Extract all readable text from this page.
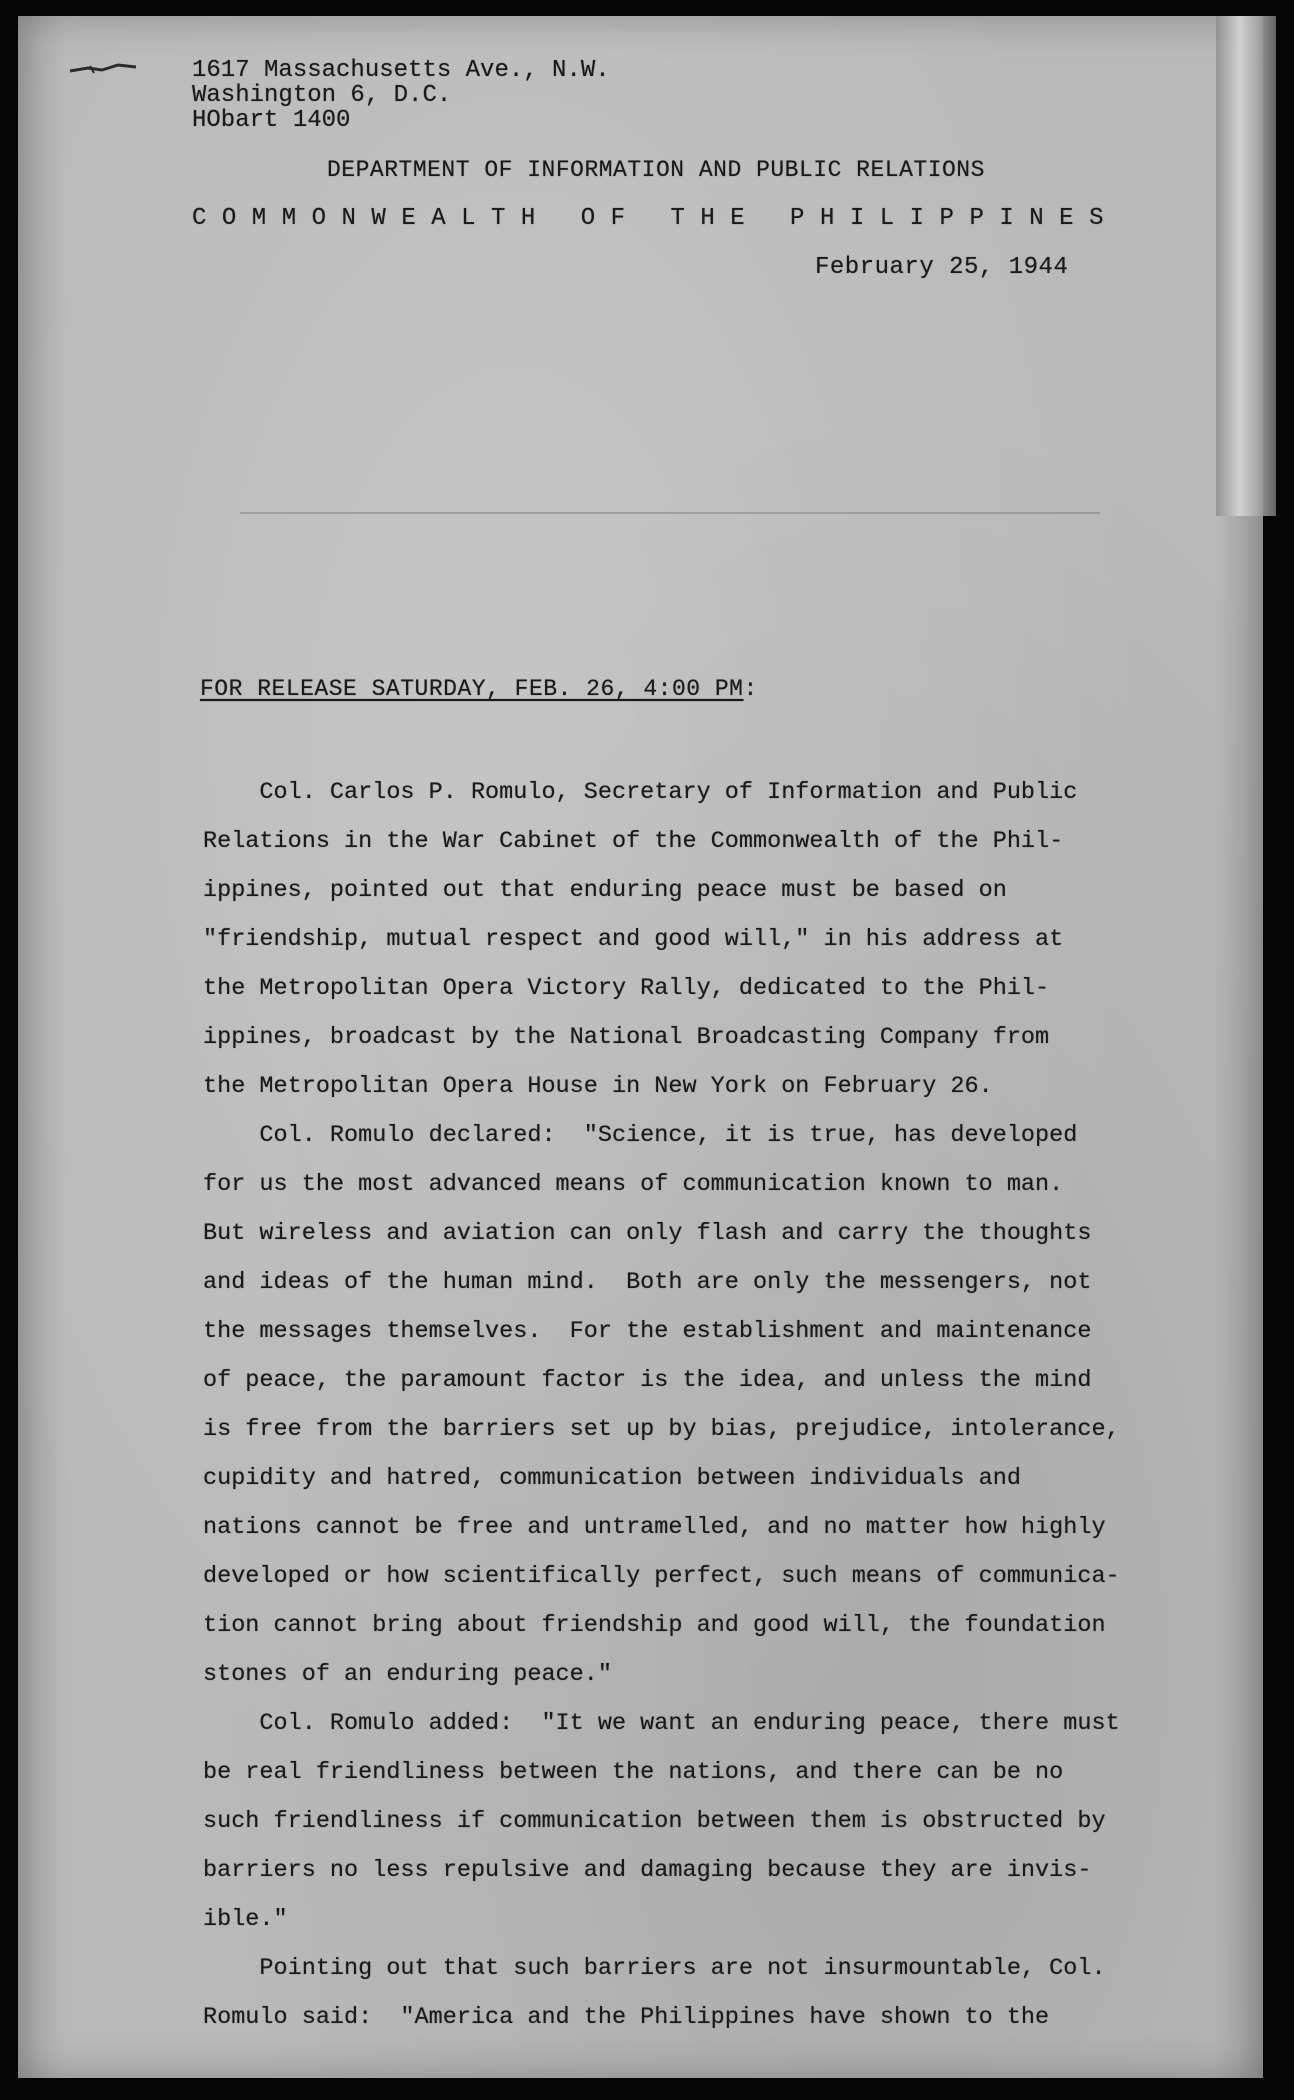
1617 Massachusetts Ave., N.W.
Washington 6, D.C.
HObart 1400
DEPARTMENT OF INFORMATION AND PUBLIC RELATIONS
COMMONWEALTH OF THE PHILIPPINES
February 25, 1944
FOR RELEASE SATURDAY, FEB. 26, 4:00 PM:
Col. Carlos P. Romulo, Secretary of Information and Public
Relations in the War Cabinet of the Commonwealth of the Phil-
ippines, pointed out that enduring peace must be based on
"friendship, mutual respect and good will," in his address at
the Metropolitan Opera Victory Rally, dedicated to the Phil-
ippines, broadcast by the National Broadcasting Company from
the Metropolitan Opera House in New York on February 26.
Col. Romulo declared:  "Science, it is true, has developed
for us the most advanced means of communication known to man.
But wireless and aviation can only flash and carry the thoughts
and ideas of the human mind.  Both are only the messengers, not
the messages themselves.  For the establishment and maintenance
of peace, the paramount factor is the idea, and unless the mind
is free from the barriers set up by bias, prejudice, intolerance,
cupidity and hatred, communication between individuals and
nations cannot be free and untramelled, and no matter how highly
developed or how scientifically perfect, such means of communica-
tion cannot bring about friendship and good will, the foundation
stones of an enduring peace."
Col. Romulo added:  "It we want an enduring peace, there must
be real friendliness between the nations, and there can be no
such friendliness if communication between them is obstructed by
barriers no less repulsive and damaging because they are invis-
ible."
Pointing out that such barriers are not insurmountable, Col.
Romulo said:  "America and the Philippines have shown to the
